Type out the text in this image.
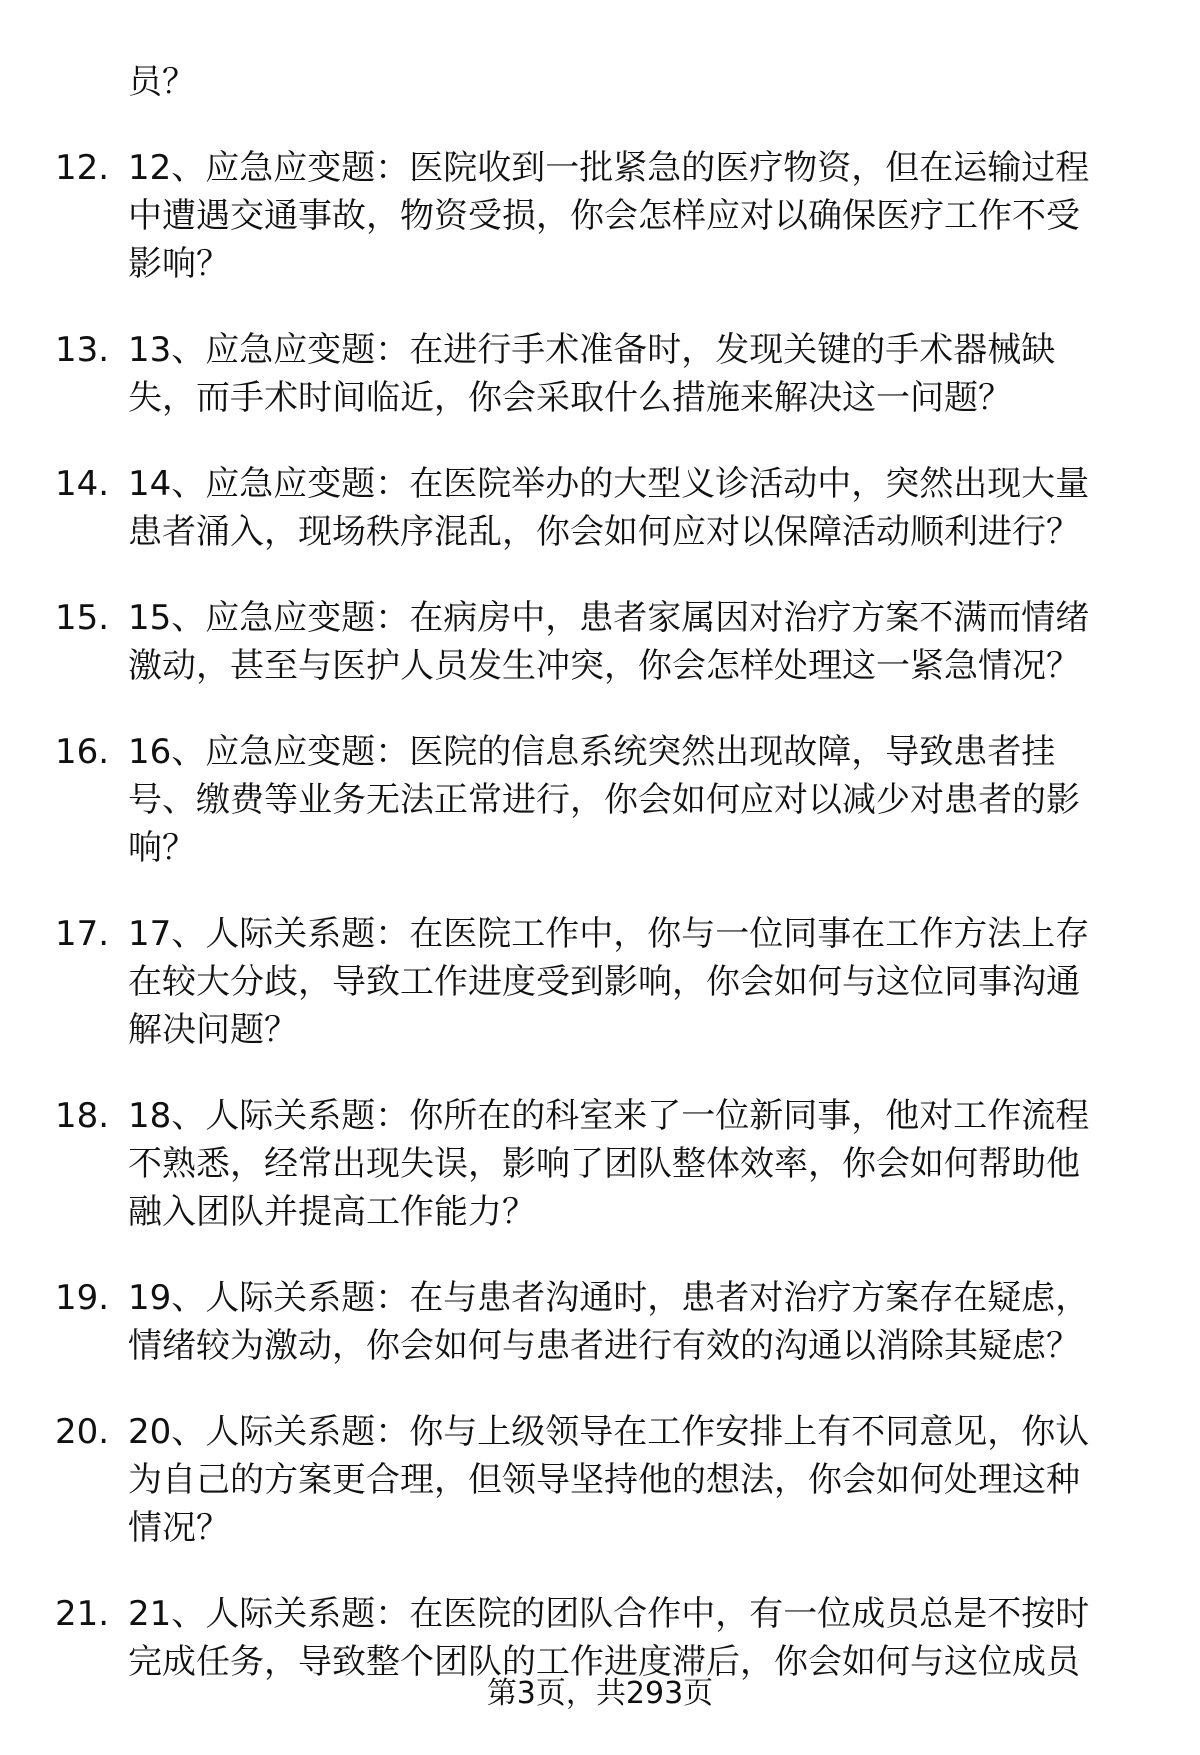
员？
12. 12、应急应变题：医院收到一批紧急的医疗物资，但在运输过程
中遭遇交通事故，物资受损，你会怎样应对以确保医疗工作不受
影响？
13. 13、应急应变题：在进行手术准备时，发现关键的手术器械缺
失，而手术时间临近，你会采取什么措施来解决这一问题？
14. 14、应急应变题：在医院举办的大型义诊活动中，突然出现大量
患者涌入，现场秩序混乱，你会如何应对以保障活动顺利进行？
15. 15、应急应变题：在病房中，患者家属因对治疗方案不满而情绪
激动，甚至与医护人员发生冲突，你会怎样处理这一紧急情况？
16. 16、应急应变题：医院的信息系统突然出现故障，导致患者挂
号、缴费等业务无法正常进行，你会如何应对以减少对患者的影
响？
17. 17、人际关系题：在医院工作中，你与一位同事在工作方法上存
在较大分歧，导致工作进度受到影响，你会如何与这位同事沟通
解决问题？
18. 18、人际关系题：你所在的科室来了一位新同事，他对工作流程
不熟悉，经常出现失误，影响了团队整体效率，你会如何帮助他
融入团队并提高工作能力？
19. 19、人际关系题：在与患者沟通时，患者对治疗方案存在疑虑，
情绪较为激动，你会如何与患者进行有效的沟通以消除其疑虑？
20. 20、人际关系题：你与上级领导在工作安排上有不同意见，你认
为自己的方案更合理，但领导坚持他的想法，你会如何处理这种
情况？
21. 21、人际关系题：在医院的团队合作中，有一位成员总是不按时
完成任务，导致整个团队的工作进度滞后，你会如何与这位成员
第3页，共293页
